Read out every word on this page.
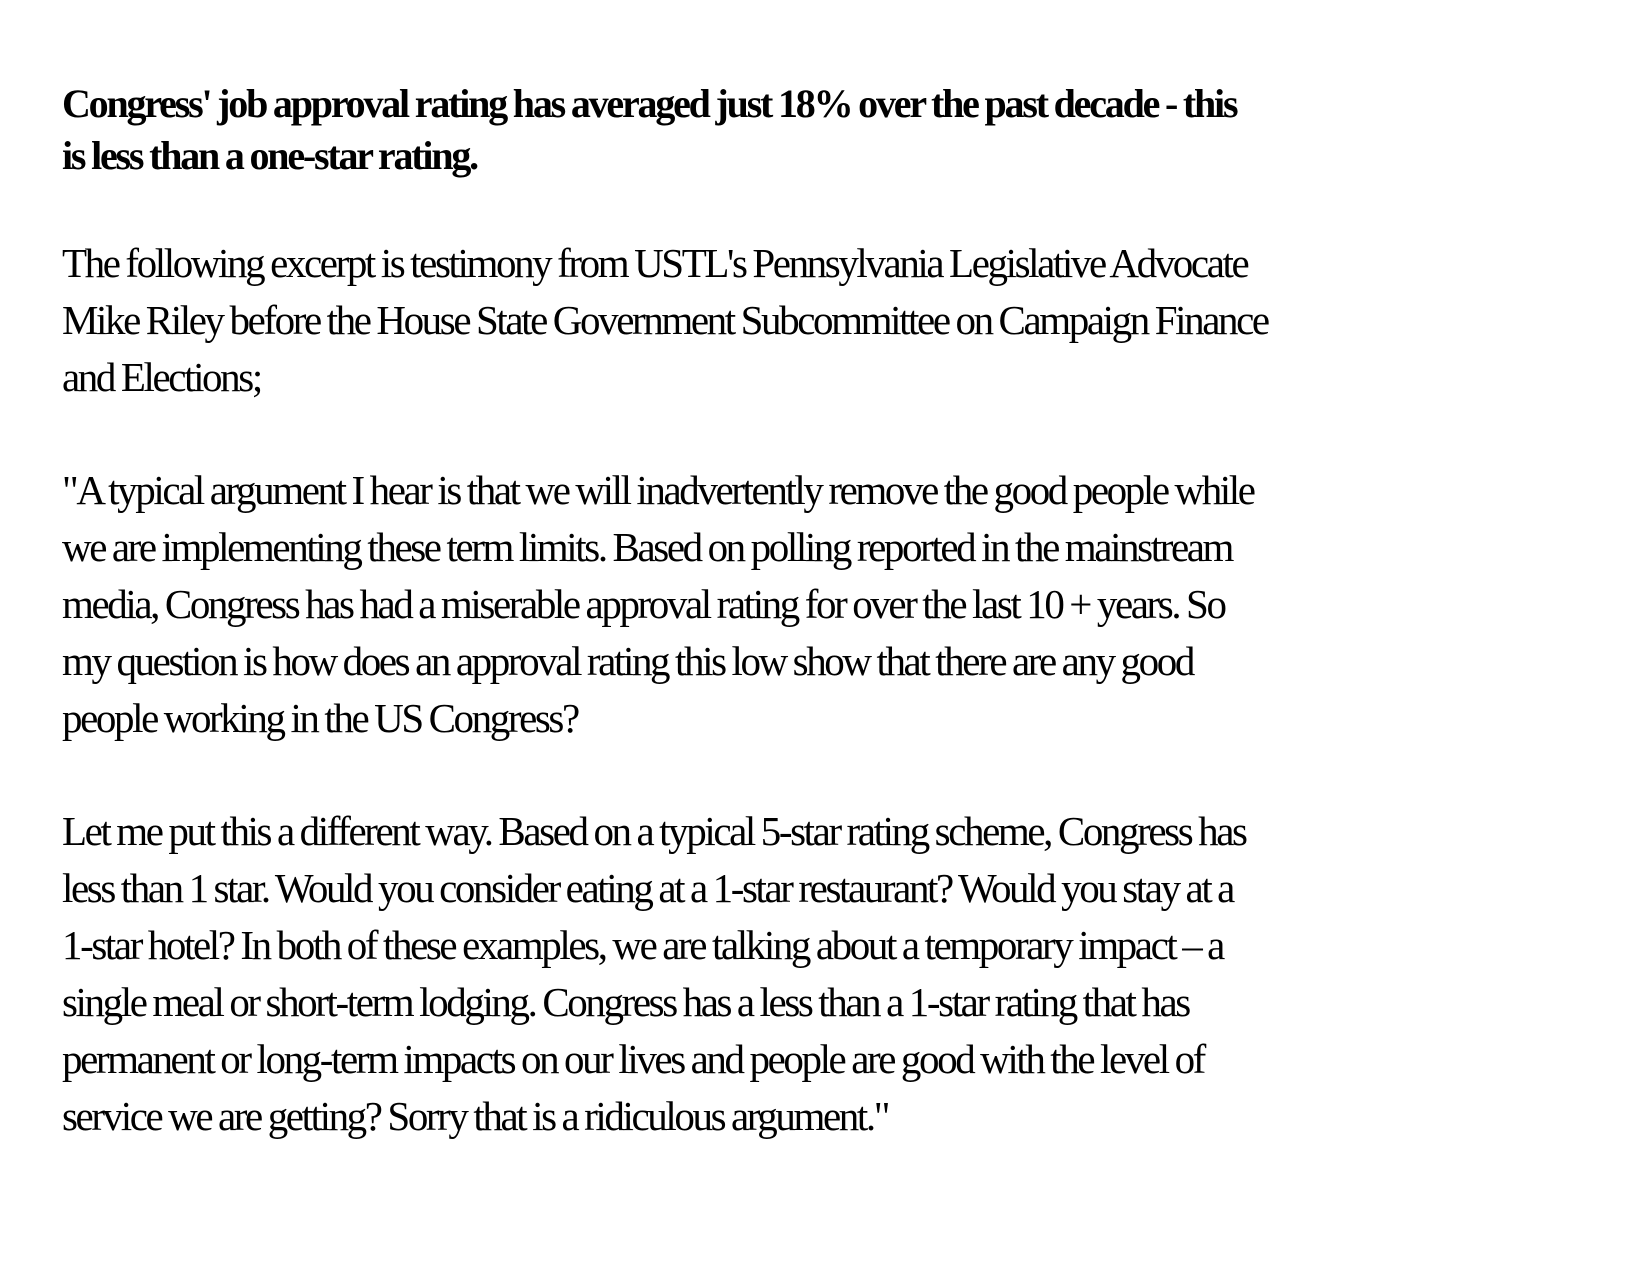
Congress' job approval rating has averaged just 18% over the past decade - this
is less than a one-star rating.

The following excerpt is testimony from USTL's Pennsylvania Legislative Advocate
Mike Riley before the House State Government Subcommittee on Campaign Finance
and Elections;

"A typical argument I hear is that we will inadvertently remove the good people while
we are implementing these term limits. Based on polling reported in the mainstream
media, Congress has had a miserable approval rating for over the last 10 + years. So
my question is how does an approval rating this low show that there are any good
people working in the US Congress?

Let me put this a different way. Based on a typical 5-star rating scheme, Congress has
less than 1 star. Would you consider eating at a 1-star restaurant? Would you stay at a
1-star hotel? In both of these examples, we are talking about a temporary impact – a
single meal or short-term lodging. Congress has a less than a 1-star rating that has
permanent or long-term impacts on our lives and people are good with the level of
service we are getting? Sorry that is a ridiculous argument."
